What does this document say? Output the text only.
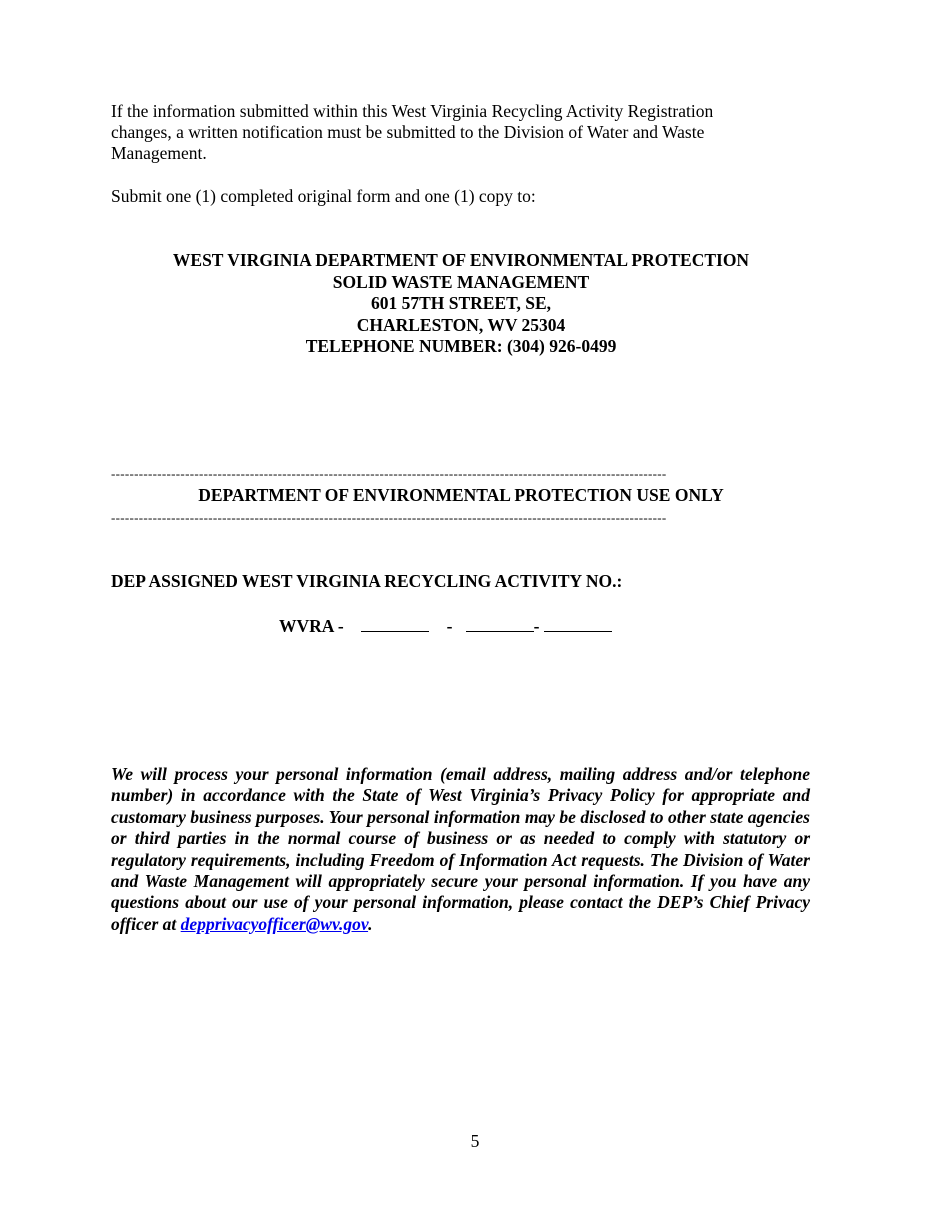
If the information submitted within this West Virginia Recycling Activity Registration changes, a written notification must be submitted to the Division of Water and Waste Management.

Submit one (1) completed original form and one (1) copy to:

WEST VIRGINIA DEPARTMENT OF ENVIRONMENTAL PROTECTION
SOLID WASTE MANAGEMENT
601 57TH STREET, SE,
CHARLESTON, WV 25304
TELEPHONE NUMBER: (304) 926-0499
------------------------------------------------------------------------------------------------------------------------
DEPARTMENT OF ENVIRONMENTAL PROTECTION USE ONLY
------------------------------------------------------------------------------------------------------------------------
DEP ASSIGNED WEST VIRGINIA RECYCLING ACTIVITY NO.:
WVRA -	-	-

We will process your personal information (email address, mailing address and/or telephone number) in accordance with the State of West Virginia’s Privacy Policy for appropriate and customary business purposes. Your personal information may be disclosed to other state agencies or third parties in the normal course of business or as needed to comply with statutory or regulatory requirements, including Freedom of Information Act requests. The Division of Water and Waste Management will appropriately secure your personal information. If you have any questions about our use of your personal information, please contact the DEP’s Chief Privacy officer at depprivacyofficer@wv.gov.

5
